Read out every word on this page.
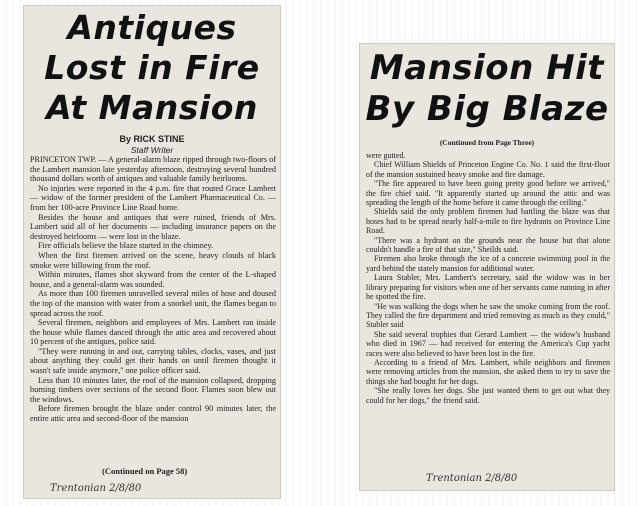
Antiques
Lost in Fire
At Mansion
By RICK STINE
Staff Writer

PRINCETON TWP. — A general-alarm blaze ripped through two-floors of the Lambert mansion late yesterday afternoon, destroying several hundred thousand dollars worth of antiques and valuable family heirlooms.

No injuries were reported in the 4 p.m. fire that routed Grace Lambert — widow of the former president of the Lambert Pharmaceutical Co. — from her 100-acre Province Line Road home.

Besides the house and antiques that were ruined, friends of Mrs. Lambert said all of her documents — including insurance papers on the destroyed heirlooms — were lost in the blaze.

Fire officials believe the blaze started in the chimney.

When the first firemen arrived on the scene, heavy clouds of black smoke were billowing from the roof.

Within minutes, flames shot skyward from the center of the L-shaped house, and a general-alarm was sounded.

As more than 100 firemen unravelled several miles of hose and doused the top of the mansion with water from a snorkel unit, the flames began to spread across the roof.

Several firemen, neighbors and employees of Mrs. Lambert ran inside the house while flames danced through the attic area and recovered about 10 percent of the antiques, police said.

"They were running in and out, carrying tables, clocks, vases, and just about anything they could get their hands on until firemen thought it wasn't safe inside anymore," one police officer said.

Less than 10 minutes later, the roof of the mansion collapsed, dropping burning timbers over sections of the second floor. Flames soon blew out the windows.

Before firemen brought the blaze under control 90 minutes later, the entire attic area and second-floor of the mansion

(Continued on Page 58)
Trentonian 2/8/80
Mansion Hit
By Big Blaze
(Continued from Page Three)

were gutted.

Chief William Shields of Princeton Engine Co. No. 1 said the first-floor of the mansion sustained heavy smoke and fire damage.

"The fire appeared to have been going pretty good before we arrived," the fire chief said. "It apparently started up around the attic and was spreading the length of the home before it came through the ceiling."

Shields said the only problem firemen had battling the blaze was that hoses had to be spread nearly half-a-mile to fire hydrants on Province Line Road.

"There was a hydrant on the grounds near the house but that alone couldn't handle a fire of that size," Sheilds said.

Firemen also broke through the ice of a concrete swimming pool in the yard behind the stately mansion for additional water.

Laura Stabler, Mrs. Lambert's secretary, said the widow was in her library preparing for visitors when one of her servants came running in after he spotted the fire.

"He was walking the dogs when he saw the smoke coming from the roof. They called the fire department and tried removing as much as they could," Stabler said

She said several trophies that Gerard Lambert — the widow's husband who died in 1967 — had received for entering the America's Cup yacht races were also believed to have been lost in the fire.

According to a friend of Mrs. Lambert, while neighbors and firemen were removing articles from the mansion, she asked them to try to save the things she had bought for her dogs.

"She really loves her dogs. She just wanted them to get out what they could for her dogs," the friend said.

Trentonian 2/8/80
